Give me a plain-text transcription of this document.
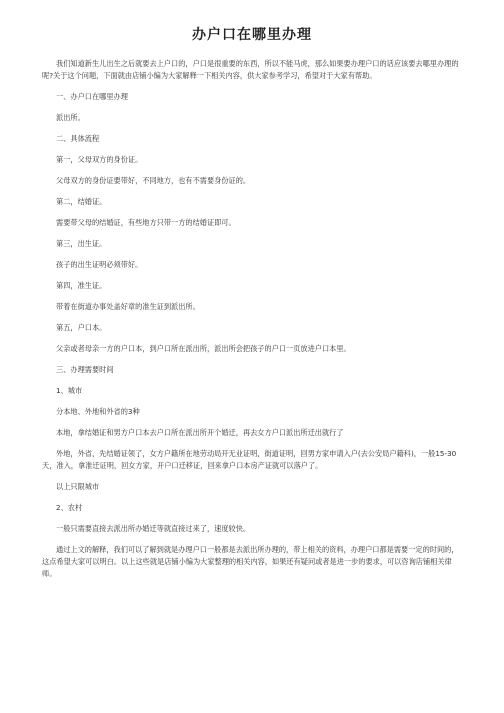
办户口在哪里办理

我们知道新生儿出生之后就要去上户口的，户口是很重要的东西，所以不能马虎，那么如果要办理户口的话应该要去哪里办理的呢?关于这个问题，下面就由店铺小编为大家解释一下相关内容，供大家参考学习，希望对于大家有帮助。

一、办户口在哪里办理

派出所。

二、具体流程

第一，父母双方的身份证。

父母双方的身份证要带好，不同地方，也有不需要身份证的。

第二，结婚证。

需要带父母的结婚证，有些地方只带一方的结婚证即可。

第三，出生证。

孩子的出生证明必须带好。

第四，准生证。

带着在街道办事处盖好章的准生证到派出所。

第五，户口本。

父亲或者母亲一方的户口本，到户口所在派出所，派出所会把孩子的户口一页放进户口本里。

三、办理需要时间

1、城市

分本地、外地和外省的3种

本地，拿结婚证和男方户口本去户口所在派出所开个婚迁，再去女方户口派出所迁出就行了

外地，外省，先结婚证领了，女方户籍所在地劳动局开无业证明，街道证明，回男方家申请入户(去公安局户籍科)，一般15-30天，准入，拿准迁证明，回女方家，开户口迁移证，回来拿户口本房产证就可以落户了。

以上只限城市

2、农村

一般只需要直接去派出所办婚迁等就直接过来了，速度较快。

通过上文的解释，我们可以了解到就是办理户口一般都是去派出所办理的，带上相关的资料，办理户口都是需要一定的时间的，这点希望大家可以明白。以上这些就是店铺小编为大家整理的相关内容，如果还有疑问或者是进一步的要求，可以咨询店铺相关律师。
